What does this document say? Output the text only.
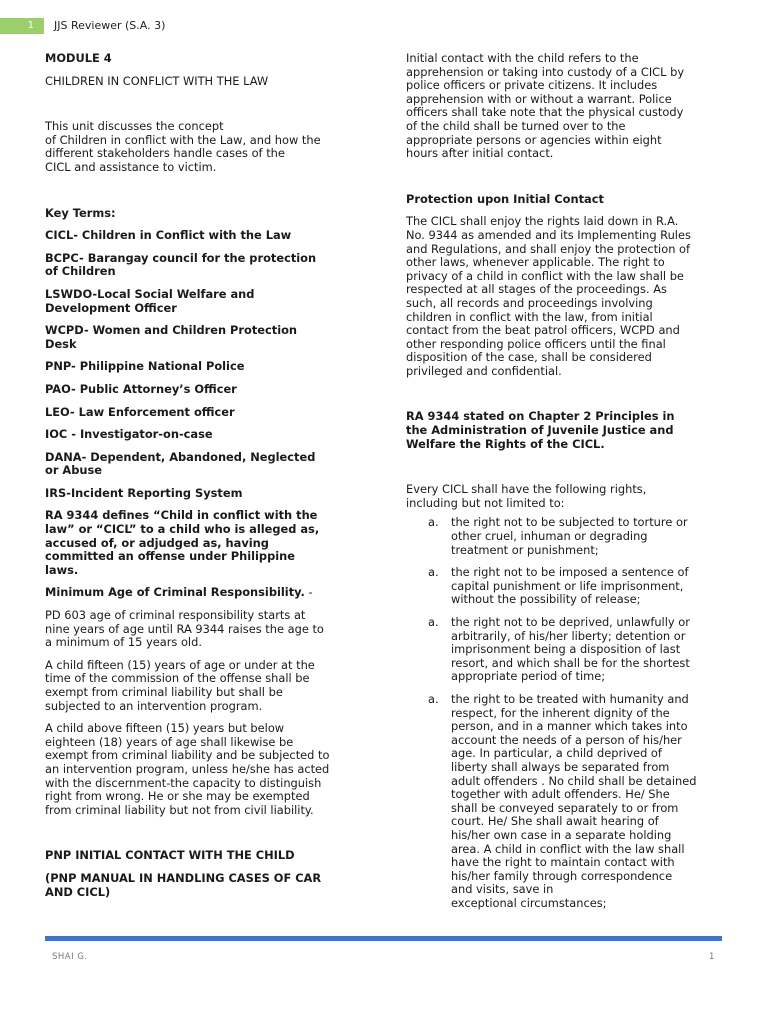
1	JJS Reviewer (S.A. 3)

MODULE 4

CHILDREN IN CONFLICT WITH THE LAW

This unit discusses the concept
of Children in conflict with the Law, and how the
different stakeholders handle cases of the
CICL and assistance to victim.

Key Terms:

CICL- Children in Conflict with the Law

BCPC- Barangay council for the protection
of Children

LSWDO-Local Social Welfare and
Development Officer

WCPD- Women and Children Protection
Desk

PNP- Philippine National Police

PAO- Public Attorney’s Officer

LEO- Law Enforcement officer

IOC - Investigator-on-case

DANA- Dependent, Abandoned, Neglected
or Abuse

IRS-Incident Reporting System

RA 9344 defines “Child in conflict with the
law” or “CICL” to a child who is alleged as,
accused of, or adjudged as, having
committed an offense under Philippine
laws.

Minimum Age of Criminal Responsibility. -

PD 603 age of criminal responsibility starts at
nine years of age until RA 9344 raises the age to
a minimum of 15 years old.

A child fifteen (15) years of age or under at the
time of the commission of the offense shall be
exempt from criminal liability but shall be
subjected to an intervention program.

A child above fifteen (15) years but below
eighteen (18) years of age shall likewise be
exempt from criminal liability and be subjected to
an intervention program, unless he/she has acted
with the discernment-the capacity to distinguish
right from wrong. He or she may be exempted
from criminal liability but not from civil liability.

PNP INITIAL CONTACT WITH THE CHILD

(PNP MANUAL IN HANDLING CASES OF CAR
AND CICL)

Initial contact with the child refers to the
apprehension or taking into custody of a CICL by
police officers or private citizens. It includes
apprehension with or without a warrant. Police
officers shall take note that the physical custody
of the child shall be turned over to the
appropriate persons or agencies within eight
hours after initial contact.

Protection upon Initial Contact

The CICL shall enjoy the rights laid down in R.A.
No. 9344 as amended and its Implementing Rules
and Regulations, and shall enjoy the protection of
other laws, whenever applicable. The right to
privacy of a child in conflict with the law shall be
respected at all stages of the proceedings. As
such, all records and proceedings involving
children in conflict with the law, from initial
contact from the beat patrol officers, WCPD and
other responding police officers until the final
disposition of the case, shall be considered
privileged and confidential.

RA 9344 stated on Chapter 2 Principles in
the Administration of Juvenile Justice and
Welfare the Rights of the CICL.

Every CICL shall have the following rights,
including but not limited to:

a. the right not to be subjected to torture or
other cruel, inhuman or degrading
treatment or punishment;
a. the right not to be imposed a sentence of
capital punishment or life imprisonment,
without the possibility of release;
a. the right not to be deprived, unlawfully or
arbitrarily, of his/her liberty; detention or
imprisonment being a disposition of last
resort, and which shall be for the shortest
appropriate period of time;
a. the right to be treated with humanity and
respect, for the inherent dignity of the
person, and in a manner which takes into
account the needs of a person of his/her
age. In particular, a child deprived of
liberty shall always be separated from
adult offenders . No child shall be detained
together with adult offenders. He/ She
shall be conveyed separately to or from
court. He/ She shall await hearing of
his/her own case in a separate holding
area. A child in conflict with the law shall
have the right to maintain contact with
his/her family through correspondence
and visits, save in
exceptional circumstances;
SHAI G.	1
